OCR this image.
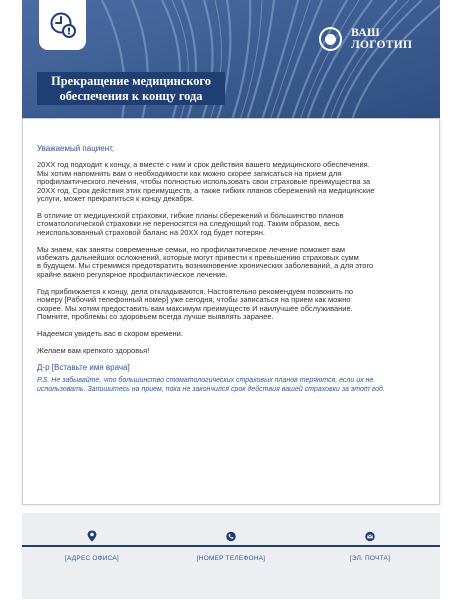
ВАШ ЛОГОТИП
Прекращение медицинского
обеспечения к концу года
Уважаемый пациент,
20XX год подходит к концу, а вместе с ним и срок действия вашего медицинского обеспечения.
Мы хотим напомнить вам о необходимости как можно скорее записаться на прием для
профилактического лечения, чтобы полностью использовать свои страховые преимущества за
20XX год. Срок действия этих преимуществ, а также гибких планов сбережений на медицинские
услуги, может прекратиться к концу декабря.
В отличие от медицинской страховки, гибкие планы сбережений и большинство планов
стоматологической страховки не переносятся на следующий год. Таким образом, весь
неиспользованный страховой баланс на 20XX год будет потерян.
Мы знаем, как заняты современные семьи, но профилактическое лечение поможет вам
избежать дальнейших осложнений, которые могут привести к превышению страховых сумм
в будущем. Мы стремимся предотвратить возникновение хронических заболеваний, а для этого
крайне важно регулярное профилактическое лечение.
Год приближается к концу, дела откладываются. Настоятельно рекомендуем позвонить по
номеру [Рабочий телефонный номер] уже сегодня, чтобы записаться на прием как можно
скорее. Мы хотим предоставить вам максимум преимуществ И наилучшее обслуживание.
Помните, проблемы со здоровьем всегда лучше выявлять заранее.
Надеемся увидеть вас в скором времени.
Желаем вам крепкого здоровья!
Д-р [Вставьте имя врача]
P.S. Не забывайте, что большинство стоматологических страховых планов теряются, если их не
использовать. Запишитесь на прием, пока не закончился срок действия вашей страховки за этот год.
[АДРЕС ОФИСА]	[НОМЕР ТЕЛЕФОНА]	[ЭЛ. ПОЧТА]
